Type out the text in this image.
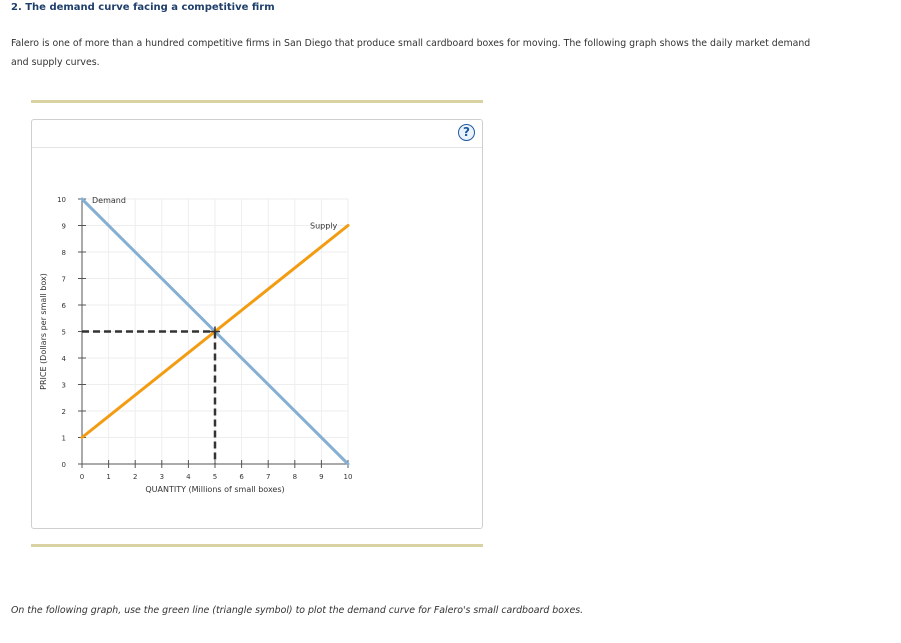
2. The demand curve facing a competitive firm
Falero is one of more than a hundred competitive firms in San Diego that produce small cardboard boxes for moving. The following graph shows the daily market demand and supply curves.
?
0
1
2
3
4
5
6
7
8
9
10
0	1	2	3	4	5	6	7	8	9	10
QUANTITY (Millions of small boxes)
PRICE (Dollars per small box)
Demand
Supply
On the following graph, use the green line (triangle symbol) to plot the demand curve for Falero's small cardboard boxes.
